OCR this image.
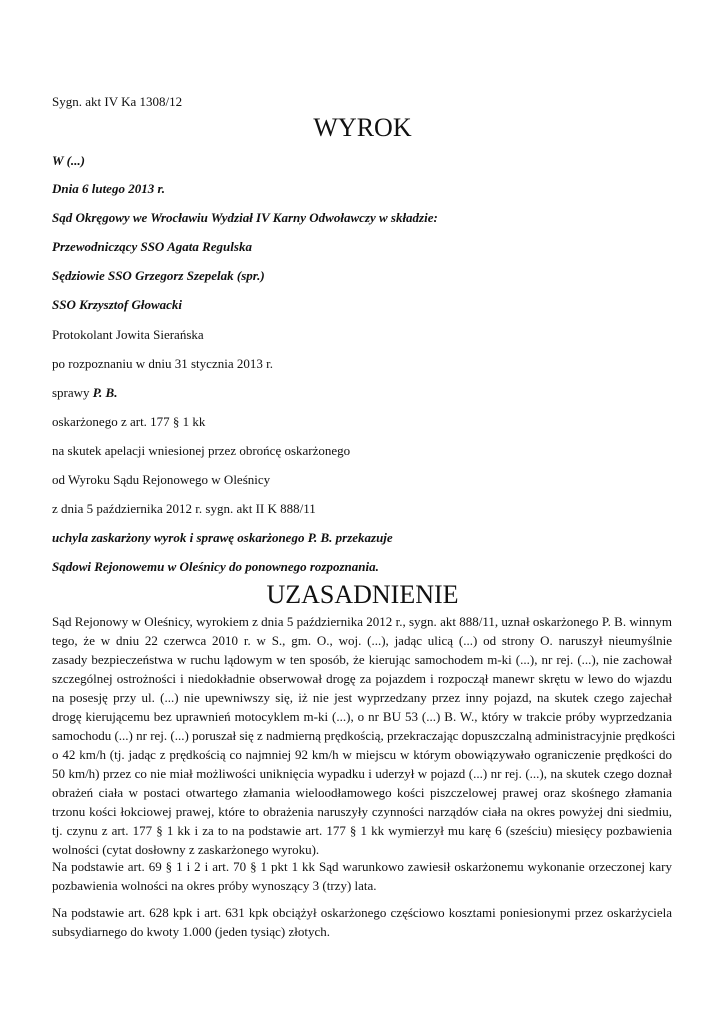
Sygn. akt IV Ka 1308/12
WYROK
W (...)
Dnia 6 lutego 2013 r.
Sąd Okręgowy we Wrocławiu Wydział IV Karny Odwoławczy w składzie:
Przewodniczący SSO Agata Regulska
Sędziowie SSO Grzegorz Szepelak (spr.)
SSO Krzysztof Głowacki
Protokolant Jowita Sierańska
po rozpoznaniu w dniu 31 stycznia 2013 r.
sprawy P. B.
oskarżonego z art. 177 § 1 kk
na skutek apelacji wniesionej przez obrońcę oskarżonego
od Wyroku Sądu Rejonowego w Oleśnicy
z dnia 5 października 2012 r. sygn. akt II K 888/11
uchyla zaskarżony wyrok i sprawę oskarżonego P. B. przekazuje
Sądowi Rejonowemu w Oleśnicy do ponownego rozpoznania.
UZASADNIENIE
Sąd Rejonowy w Oleśnicy, wyrokiem z dnia 5 października 2012 r., sygn. akt 888/11, uznał oskarżonego P. B. winnym
tego, że w dniu 22 czerwca 2010 r. w S., gm. O., woj. (...), jadąc ulicą (...) od strony O. naruszył nieumyślnie
zasady bezpieczeństwa w ruchu lądowym w ten sposób, że kierując samochodem m-ki (...), nr rej. (...), nie zachował
szczególnej ostrożności i niedokładnie obserwował drogę za pojazdem i rozpoczął manewr skrętu w lewo do wjazdu
na posesję przy ul. (...) nie upewniwszy się, iż nie jest wyprzedzany przez inny pojazd, na skutek czego zajechał
drogę kierującemu bez uprawnień motocyklem m-ki (...), o nr BU 53 (...) B. W., który w trakcie próby wyprzedzania
samochodu (...) nr rej. (...) poruszał się z nadmierną prędkością, przekraczając dopuszczalną administracyjnie prędkości
o 42 km/h (tj. jadąc z prędkością co najmniej 92 km/h w miejscu w którym obowiązywało ograniczenie prędkości do
50 km/h) przez co nie miał możliwości uniknięcia wypadku i uderzył w pojazd (...) nr rej. (...), na skutek czego doznał
obrażeń ciała w postaci otwartego złamania wieloodłamowego kości piszczelowej prawej oraz skośnego złamania
trzonu kości łokciowej prawej, które to obrażenia naruszyły czynności narządów ciała na okres powyżej dni siedmiu,
tj. czynu z art. 177 § 1 kk i za to na podstawie art. 177 § 1 kk wymierzył mu karę 6 (sześciu) miesięcy pozbawienia
wolności (cytat dosłowny z zaskarżonego wyroku).
Na podstawie art. 69 § 1 i 2 i art. 70 § 1 pkt 1 kk Sąd warunkowo zawiesił oskarżonemu wykonanie orzeczonej kary
pozbawienia wolności na okres próby wynoszący 3 (trzy) lata.
Na podstawie art. 628 kpk i art. 631 kpk obciążył oskarżonego częściowo kosztami poniesionymi przez oskarżyciela
subsydiarnego do kwoty 1.000 (jeden tysiąc) złotych.
